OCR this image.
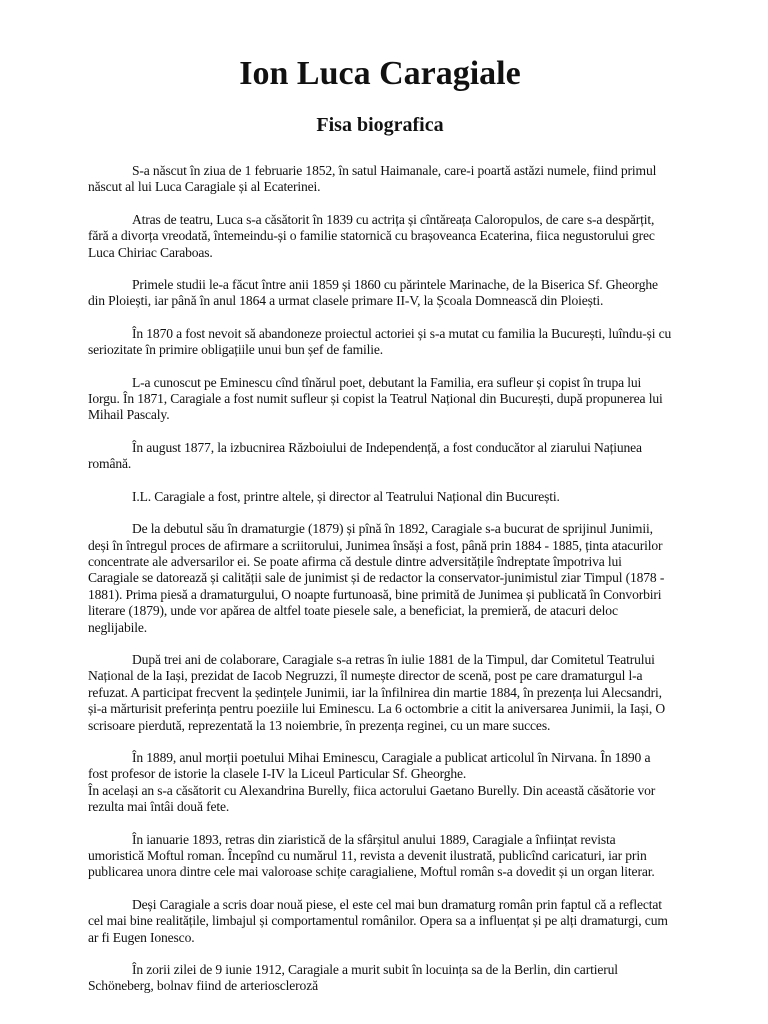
Ion Luca Caragiale
Fisa biografica

S-a născut în ziua de 1 februarie 1852, în satul Haimanale, care-i poartă astăzi numele, fiind primul născut al lui Luca Caragiale și al Ecaterinei.

Atras de teatru, Luca s-a căsătorit în 1839 cu actrița și cîntăreața Caloropulos, de care s-a despărțit, fără a divorța vreodată, întemeindu-și o familie statornică cu brașoveanca Ecaterina, fiica negustorului grec Luca Chiriac Caraboas.

Primele studii le-a făcut între anii 1859 și 1860 cu părintele Marinache, de la Biserica Sf. Gheorghe din Ploiești, iar până în anul 1864 a urmat clasele primare II-V, la Școala Domnească din Ploiești.

În 1870 a fost nevoit să abandoneze proiectul actoriei și s-a mutat cu familia la București, luîndu-și cu seriozitate în primire obligațiile unui bun șef de familie.

L-a cunoscut pe Eminescu cînd tînărul poet, debutant la Familia, era sufleur și copist în trupa lui Iorgu. În 1871, Caragiale a fost numit sufleur și copist la Teatrul Național din București, după propunerea lui Mihail Pascaly.

În august 1877, la izbucnirea Războiului de Independență, a fost conducător al ziarului Națiunea română.

I.L. Caragiale a fost, printre altele, și director al Teatrului Național din București.

De la debutul său în dramaturgie (1879) și pînă în 1892, Caragiale s-a bucurat de sprijinul Junimii, deși în întregul proces de afirmare a scriitorului, Junimea însăși a fost, până prin 1884 - 1885, ținta atacurilor concentrate ale adversarilor ei. Se poate afirma că destule dintre adversitățile îndreptate împotriva lui Caragiale se datorează și calității sale de junimist și de redactor la conservator-junimistul ziar Timpul (1878 - 1881). Prima piesă a dramaturgului, O noapte furtunoasă, bine primită de Junimea și publicată în Convorbiri literare (1879), unde vor apărea de altfel toate piesele sale, a beneficiat, la premieră, de atacuri deloc neglijabile.

După trei ani de colaborare, Caragiale s-a retras în iulie 1881 de la Timpul, dar Comitetul Teatrului Național de la Iași, prezidat de Iacob Negruzzi, îl numește director de scenă, post pe care dramaturgul l-a refuzat. A participat frecvent la ședințele Junimii, iar la înfilnirea din martie 1884, în prezența lui Alecsandri, și-a mărturisit preferința pentru poeziile lui Eminescu. La 6 octombrie a citit la aniversarea Junimii, la Iași, O scrisoare pierdută, reprezentată la 13 noiembrie, în prezența reginei, cu un mare succes.

În 1889, anul morții poetului Mihai Eminescu, Caragiale a publicat articolul în Nirvana. În 1890 a fost profesor de istorie la clasele I-IV la Liceul Particular Sf. Gheorghe.

În același an s-a căsătorit cu Alexandrina Burelly, fiica actorului Gaetano Burelly. Din această căsătorie vor rezulta mai întâi două fete.

În ianuarie 1893, retras din ziaristică de la sfârșitul anului 1889, Caragiale a înființat revista umoristică Moftul roman. Începînd cu numărul 11, revista a devenit ilustrată, publicînd caricaturi, iar prin publicarea unora dintre cele mai valoroase schițe caragialiene, Moftul român s-a dovedit și un organ literar.

Deși Caragiale a scris doar nouă piese, el este cel mai bun dramaturg român prin faptul că a reflectat cel mai bine realitățile, limbajul și comportamentul românilor. Opera sa a influențat și pe alți dramaturgi, cum ar fi Eugen Ionesco.

În zorii zilei de 9 iunie 1912, Caragiale a murit subit în locuința sa de la Berlin, din cartierul Schöneberg, bolnav fiind de arterioscleroză
